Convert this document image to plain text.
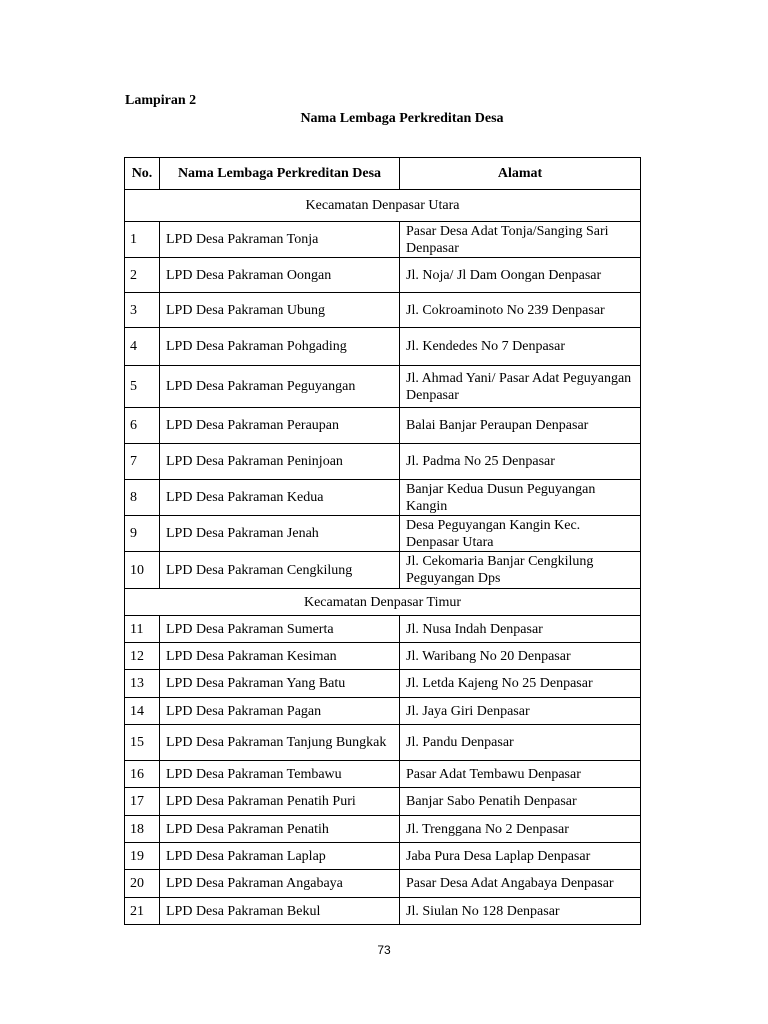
Lampiran 2
Nama Lembaga Perkreditan Desa
No.	Nama Lembaga Perkreditan Desa	Alamat
Kecamatan Denpasar Utara		
1	LPD Desa Pakraman Tonja	Pasar Desa Adat Tonja/Sanging Sari Denpasar
2	LPD Desa Pakraman Oongan	Jl. Noja/ Jl Dam Oongan Denpasar
3	LPD Desa Pakraman Ubung	Jl. Cokroaminoto No 239 Denpasar
4	LPD Desa Pakraman Pohgading	Jl. Kendedes No 7 Denpasar
5	LPD Desa Pakraman Peguyangan	Jl. Ahmad Yani/ Pasar Adat Peguyangan Denpasar
6	LPD Desa Pakraman Peraupan	Balai Banjar Peraupan Denpasar
7	LPD Desa Pakraman Peninjoan	Jl. Padma No 25 Denpasar
8	LPD Desa Pakraman Kedua	Banjar Kedua Dusun Peguyangan Kangin
9	LPD Desa Pakraman Jenah	Desa Peguyangan Kangin Kec. Denpasar Utara
10	LPD Desa Pakraman Cengkilung	Jl. Cekomaria Banjar Cengkilung Peguyangan Dps
Kecamatan Denpasar Timur		
11	LPD Desa Pakraman Sumerta	Jl. Nusa Indah Denpasar
12	LPD Desa Pakraman Kesiman	Jl. Waribang No 20 Denpasar
13	LPD Desa Pakraman Yang Batu	Jl. Letda Kajeng No 25 Denpasar
14	LPD Desa Pakraman Pagan	Jl. Jaya Giri Denpasar
15	LPD Desa Pakraman Tanjung Bungkak	Jl. Pandu Denpasar
16	LPD Desa Pakraman Tembawu	Pasar Adat Tembawu Denpasar
17	LPD Desa Pakraman Penatih Puri	Banjar Sabo Penatih Denpasar
18	LPD Desa Pakraman Penatih	Jl. Trenggana No 2 Denpasar
19	LPD Desa Pakraman Laplap	Jaba Pura Desa Laplap Denpasar
20	LPD Desa Pakraman Angabaya	Pasar Desa Adat Angabaya Denpasar
21	LPD Desa Pakraman Bekul	Jl. Siulan No 128 Denpasar
73
